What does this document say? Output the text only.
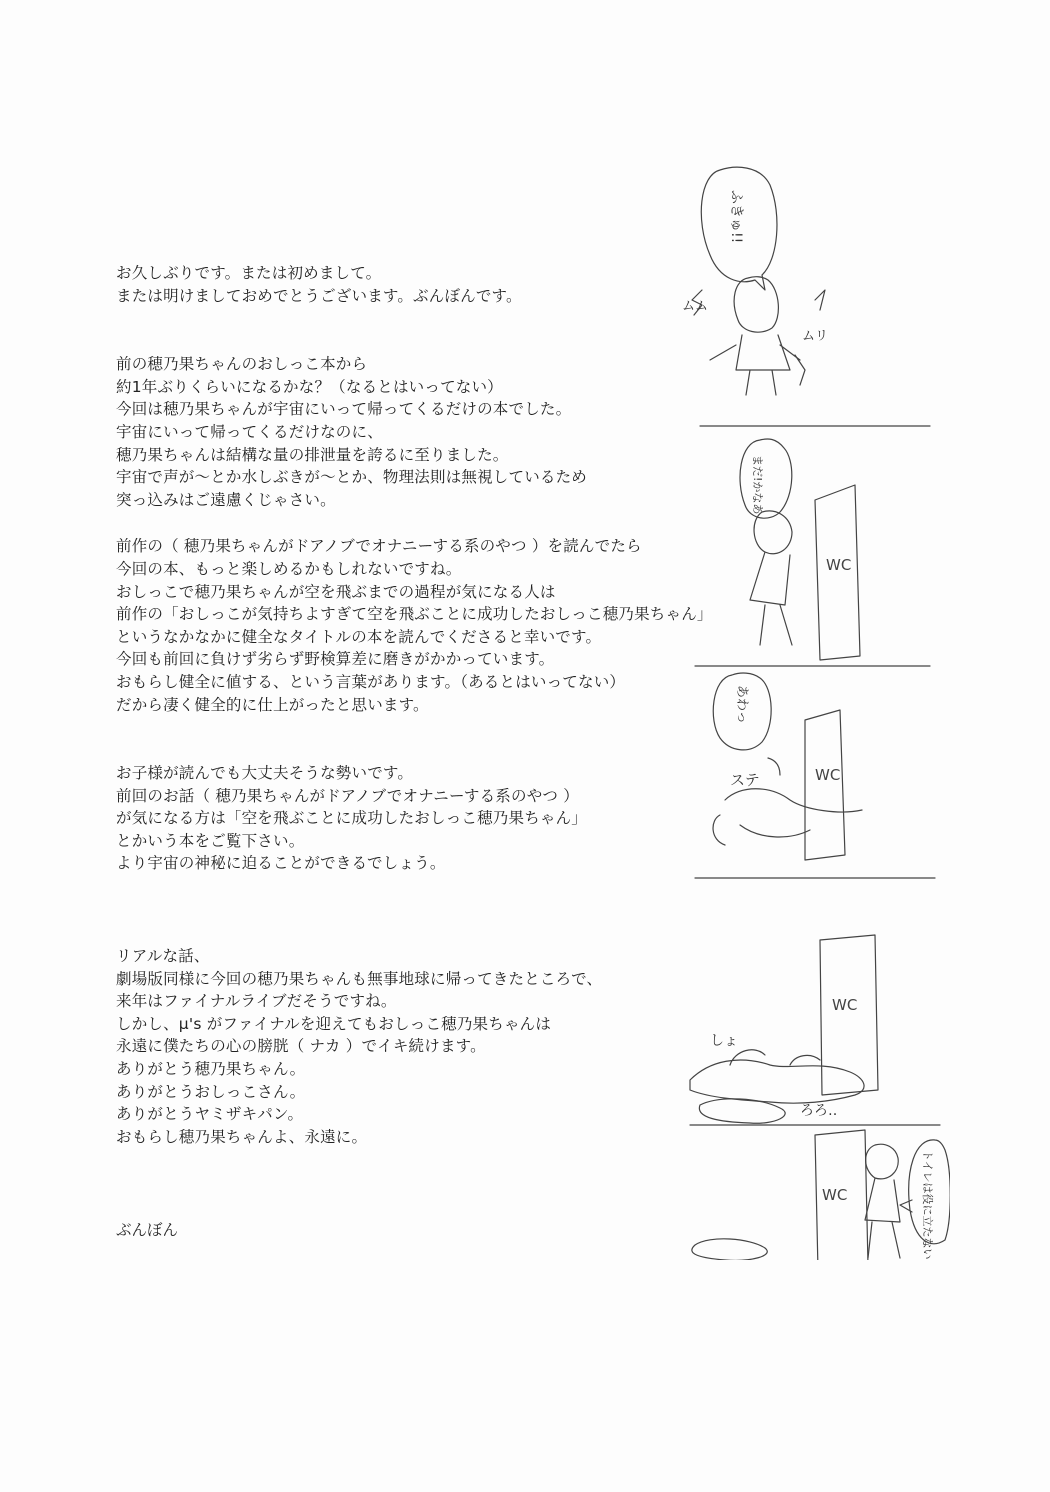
お久しぶりです。または初めまして。
または明けましておめでとうございます。ぶんぼんです。

前の穂乃果ちゃんのおしっこ本から
約1年ぶりくらいになるかな？（なるとはいってない）
今回は穂乃果ちゃんが宇宙にいって帰ってくるだけの本でした。
宇宙にいって帰ってくるだけなのに、
穂乃果ちゃんは結構な量の排泄量を誇るに至りました。
宇宙で声が～とか水しぶきが～とか、物理法則は無視しているため
突っ込みはご遠慮くじゃさい。

前作の（ 穂乃果ちゃんがドアノブでオナニーする系のやつ ）を読んでたら
今回の本、もっと楽しめるかもしれないですね。
おしっこで穂乃果ちゃんが空を飛ぶまでの過程が気になる人は
前作の「おしっこが気持ちよすぎて空を飛ぶことに成功したおしっこ穂乃果ちゃん」
というなかなかに健全なタイトルの本を読んでくださると幸いです。
今回も前回に負けず劣らず野検算差に磨きがかかっています。
おもらし健全に値する、という言葉があります。（あるとはいってない）
だから凄く健全的に仕上がったと思います。

お子様が読んでも大丈夫そうな勢いです。
前回のお話（ 穂乃果ちゃんがドアノブでオナニーする系のやつ ）
が気になる方は「空を飛ぶことに成功したおしっこ穂乃果ちゃん」
とかいう本をご覧下さい。
より宇宙の神秘に迫ることができるでしょう。

リアルな話、
劇場版同様に今回の穂乃果ちゃんも無事地球に帰ってきたところで、
来年はファイナルライブだそうですね。
しかし、μ's がファイナルを迎えてもおしっこ穂乃果ちゃんは
永遠に僕たちの心の膀胱（ ナカ ）でイキ続けます。
ありがとう穂乃果ちゃん。
ありがとうおしっこさん。
ありがとうヤミザキパン。
おもらし穂乃果ちゃんよ、永遠に。

ぶんぼん
ふきゅ!!
ムム
ムリ
まだ!かなあ
WC
あわっ
ステ	WC
しょ
ろろ‥
WC
トイレは役に立たない!!
WC
